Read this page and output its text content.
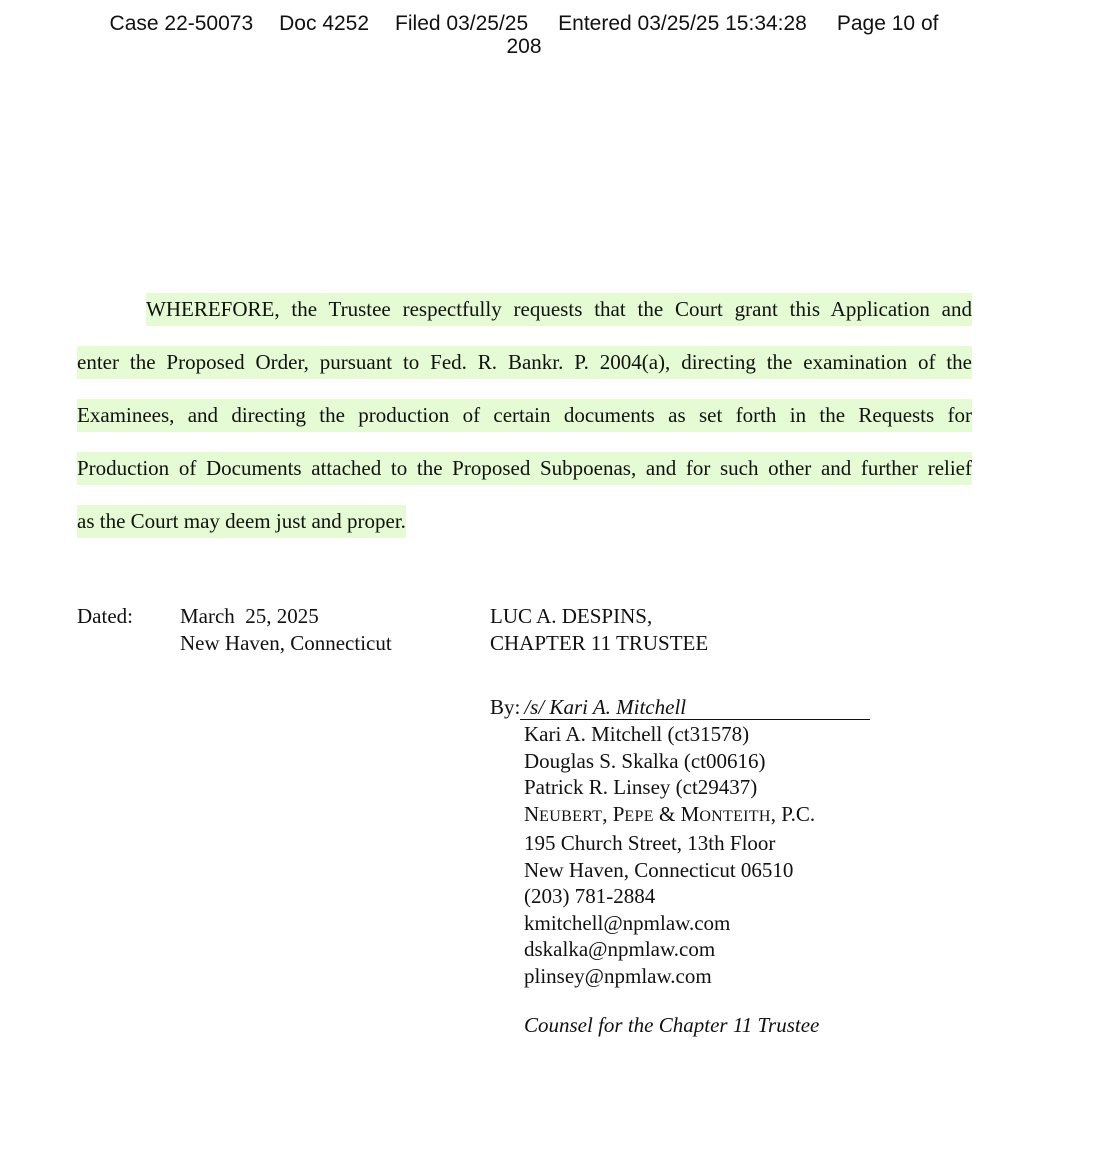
Case 22-50073 Doc 4252 Filed 03/25/25 Entered 03/25/25 15:34:28 Page 10 of
208
WHEREFORE, the Trustee respectfully requests that the Court grant this Application and
enter the Proposed Order, pursuant to Fed. R. Bankr. P. 2004(a), directing the examination of the
Examinees, and directing the production of certain documents as set forth in the Requests for
Production of Documents attached to the Proposed Subpoenas, and for such other and further relief
as the Court may deem just and proper.
Dated: March  25, 2025
New Haven, Connecticut
LUC A. DESPINS,
CHAPTER 11 TRUSTEE
By: /s/ Kari A. Mitchell
Kari A. Mitchell (ct31578)
Douglas S. Skalka (ct00616)
Patrick R. Linsey (ct29437)
NEUBERT, PEPE & MONTEITH, P.C.
195 Church Street, 13th Floor
New Haven, Connecticut 06510
(203) 781-2884
kmitchell@npmlaw.com
dskalka@npmlaw.com
plinsey@npmlaw.com
Counsel for the Chapter 11 Trustee
